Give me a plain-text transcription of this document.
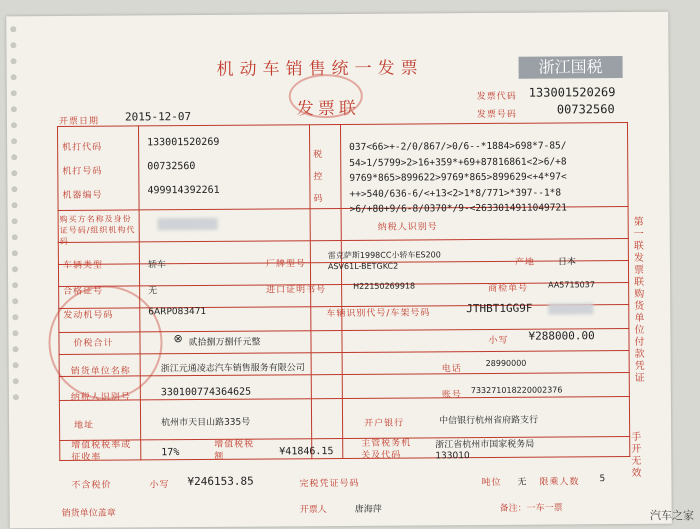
机动车销售统一发票
发票联
浙江国税
发票代码 133001520269
发票号码	00732560
开票日期 2015-12-07

机打代码	133001520269
机打号码	00732560
机器编号	499914392261
税控码
037<66>+-2/0/867/>0/6--*1884>698*7-85/
54>1/5799>2>16+359*+69+87816861<2>6/+8
9769*865>899622>9769*865>899629<+4*97<
++>540/636-6/<+13<2>1*8/771>*397--1*8
>6/+80+9/6-8/0370*/9-<2633014911049721
购买方名称及身份证号码/组织机构代码
纳税人识别号
车辆类型	轿车	厂牌型号
雷克萨斯1998CC小轿车ES200
ASV61L-BETGKC2	产地	日本
合格证号	无	进口证明书号	H22150269918	商检单号 AA5715037
发动机号码	6ARP083471	车辆识别代号/车架号码	JTHBT1GG9F
价税合计	⊗ 贰拾捌万捌仟元整	小写 ¥288000.00
销货单位名称	浙江元通凌志汽车销售服务有限公司	电话
28990000
纳税人识别号	330100774364625	账号 733271018220002376
地址	杭州市天目山路335号	开户银行	中信银行杭州省府路支行
增值税税率或征收率	17%
增值税税额	¥41846.15
主管税务机关及代码
浙江省杭州市国家税务局
133010
不含税价	小写 ¥246153.85	完税凭证号码	吨位 无 限乘人数 5
销货单位盖章	开票人	唐海萍	备注：一车一票
第一联发票联购货单位付款凭证
手开无效
汽车之家
